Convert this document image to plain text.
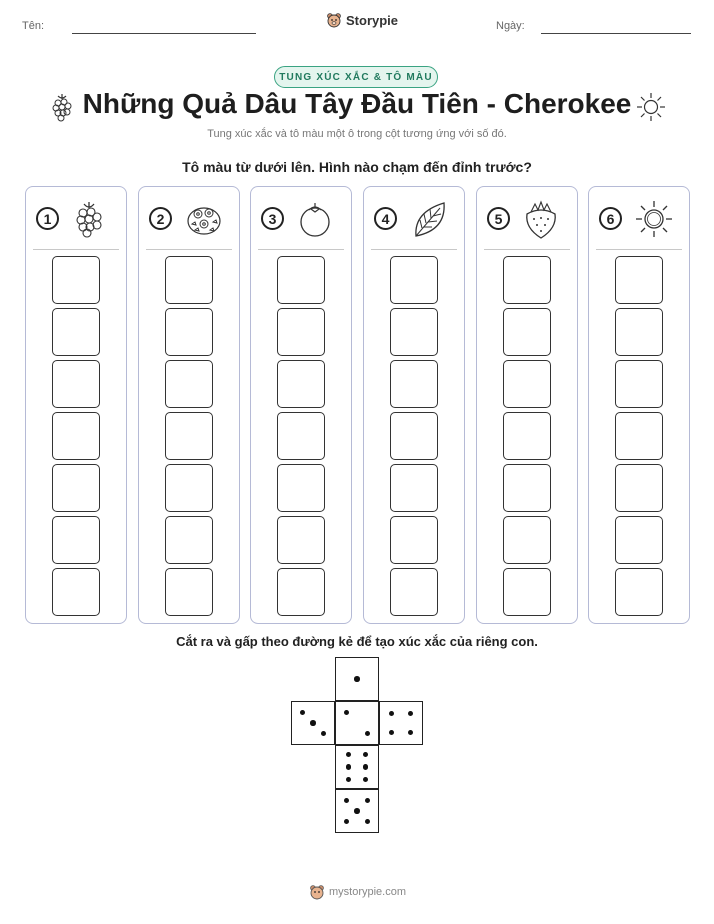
Tên:	Storypie	Ngày:
TUNG XÚC XẮC & TÔ MÀU
Những Quả Dâu Tây Đầu Tiên - Cherokee
Tung xúc xắc và tô màu một ô trong cột tương ứng với số đó.
Tô màu từ dưới lên. Hình nào chạm đến đỉnh trước?
1	2	3	4	5	6
Cắt ra và gấp theo đường kẻ để tạo xúc xắc của riêng con.
mystorypie.com
